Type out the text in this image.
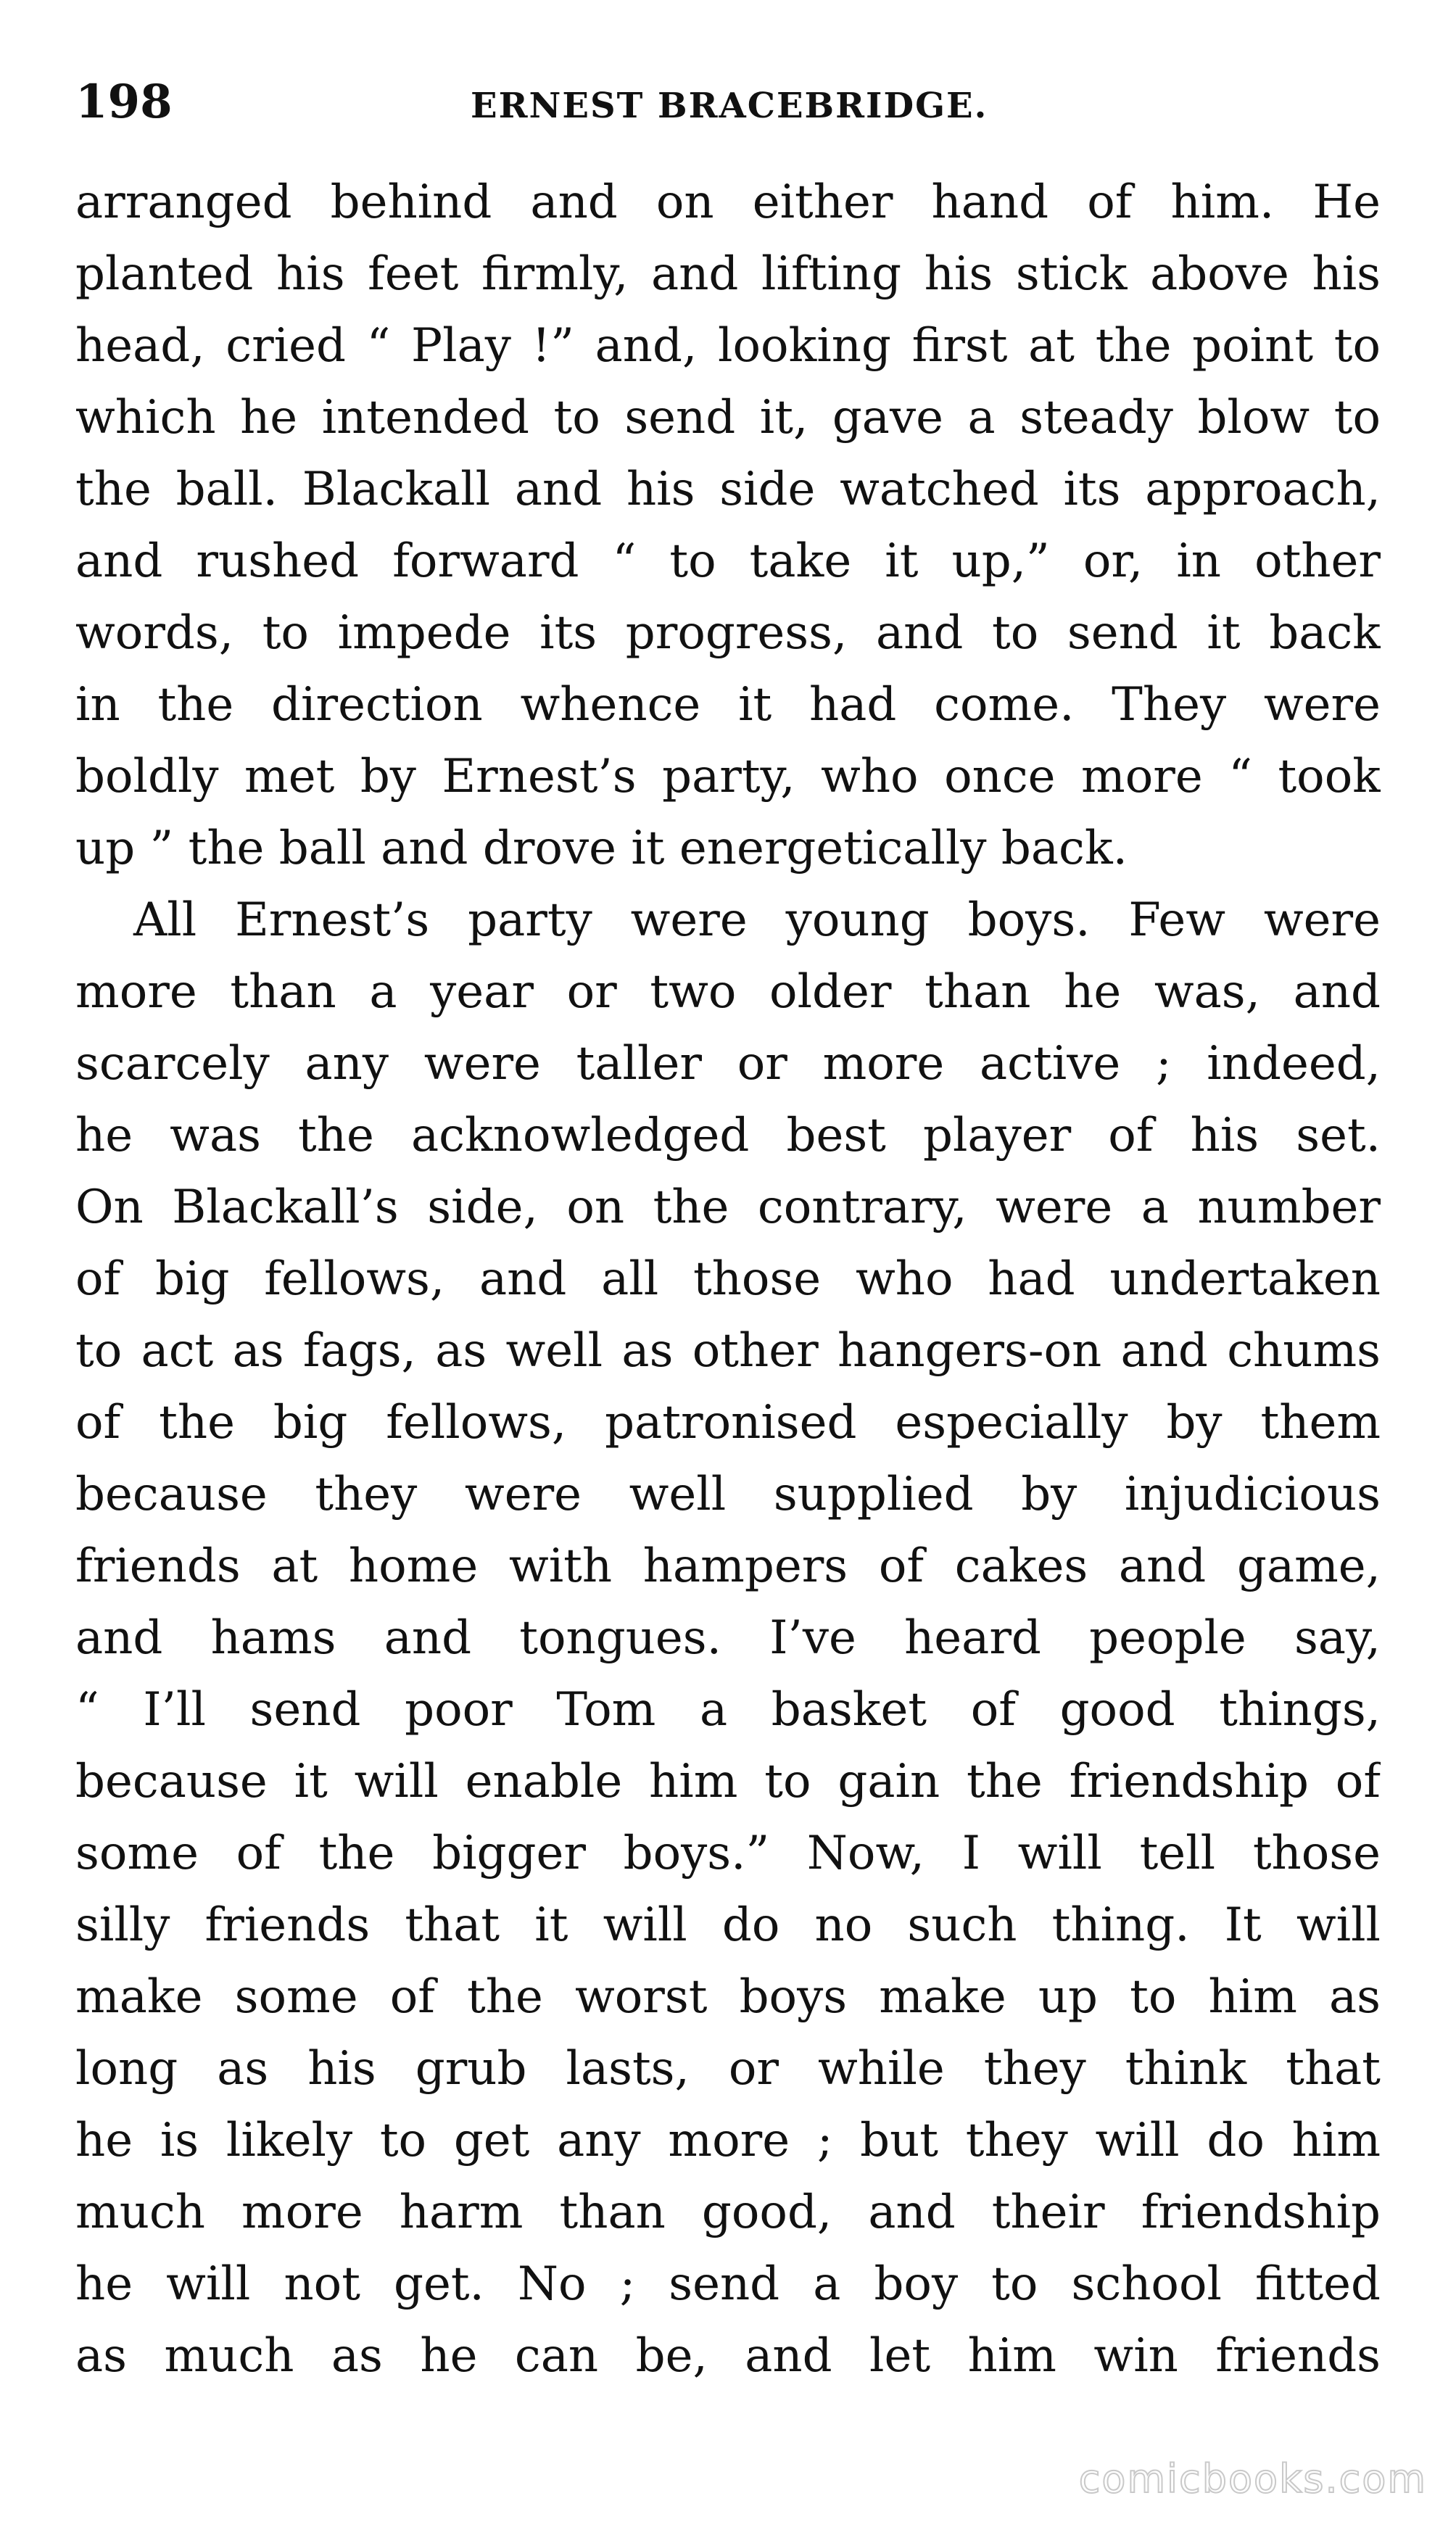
198	ERNEST BRACEBRIDGE.
arranged behind and on either hand of him. He
planted his feet firmly, and lifting his stick above his
head, cried “ Play !” and, looking first at the point to
which he intended to send it, gave a steady blow to
the ball. Blackall and his side watched its approach,
and rushed forward “ to take it up,” or, in other
words, to impede its progress, and to send it back
in the direction whence it had come. They were
boldly met by Ernest’s party, who once more “ took
up ” the ball and drove it energetically back.
All Ernest’s party were young boys. Few were
more than a year or two older than he was, and
scarcely any were taller or more active ; indeed,
he was the acknowledged best player of his set.
On Blackall’s side, on the contrary, were a number
of big fellows, and all those who had undertaken
to act as fags, as well as other hangers-on and chums
of the big fellows, patronised especially by them
because they were well supplied by injudicious
friends at home with hampers of cakes and game,
and hams and tongues. I’ve heard people say,
“ I’ll send poor Tom a basket of good things,
because it will enable him to gain the friendship of
some of the bigger boys.” Now, I will tell those
silly friends that it will do no such thing. It will
make some of the worst boys make up to him as
long as his grub lasts, or while they think that
he is likely to get any more ; but they will do him
much more harm than good, and their friendship
he will not get. No ; send a boy to school fitted
as much as he can be, and let him win friends
comicbooks.com
